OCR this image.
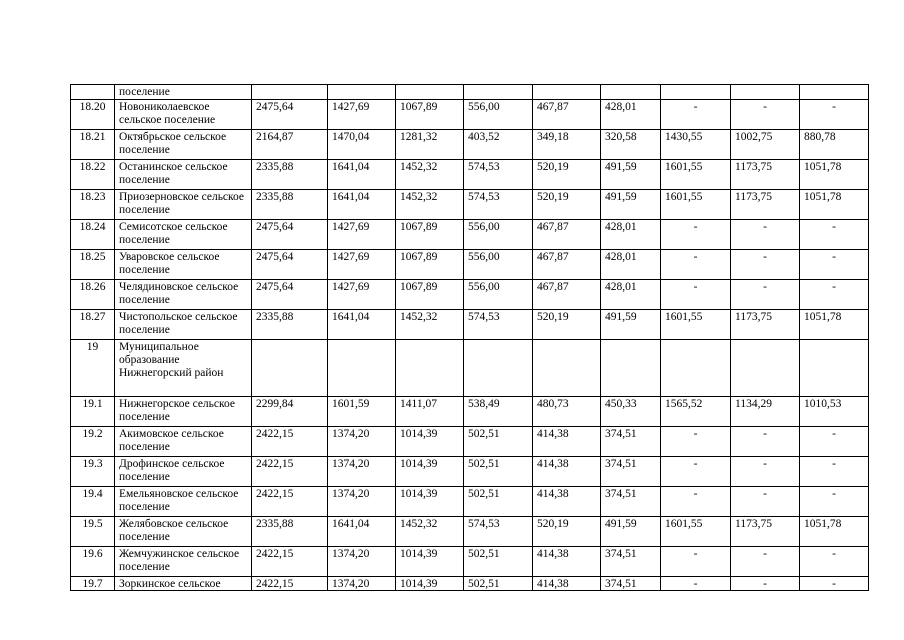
	поселение									
18.20	Новониколаевское сельское поселение	2475,64	1427,69	1067,89	556,00	467,87	428,01	-	-	-
18.21	Октябрьское сельское поселение	2164,87	1470,04	1281,32	403,52	349,18	320,58	1430,55	1002,75	880,78
18.22	Останинское сельское поселение	2335,88	1641,04	1452,32	574,53	520,19	491,59	1601,55	1173,75	1051,78
18.23	Приозерновское сельское поселение	2335,88	1641,04	1452,32	574,53	520,19	491,59	1601,55	1173,75	1051,78
18.24	Семисотское сельское поселение	2475,64	1427,69	1067,89	556,00	467,87	428,01	-	-	-
18.25	Уваровское сельское поселение	2475,64	1427,69	1067,89	556,00	467,87	428,01	-	-	-
18.26	Челядиновское сельское поселение	2475,64	1427,69	1067,89	556,00	467,87	428,01	-	-	-
18.27	Чистопольское сельское поселение	2335,88	1641,04	1452,32	574,53	520,19	491,59	1601,55	1173,75	1051,78
19	Муниципальное образование Нижнегорский район									
19.1	Нижнегорское сельское поселение	2299,84	1601,59	1411,07	538,49	480,73	450,33	1565,52	1134,29	1010,53
19.2	Акимовское сельское поселение	2422,15	1374,20	1014,39	502,51	414,38	374,51	-	-	-
19.3	Дрофинское сельское поселение	2422,15	1374,20	1014,39	502,51	414,38	374,51	-	-	-
19.4	Емельяновское сельское поселение	2422,15	1374,20	1014,39	502,51	414,38	374,51	-	-	-
19.5	Желябовское сельское поселение	2335,88	1641,04	1452,32	574,53	520,19	491,59	1601,55	1173,75	1051,78
19.6	Жемчужинское сельское поселение	2422,15	1374,20	1014,39	502,51	414,38	374,51	-	-	-
19.7	Зоркинское сельское	2422,15	1374,20	1014,39	502,51	414,38	374,51	-	-	-
